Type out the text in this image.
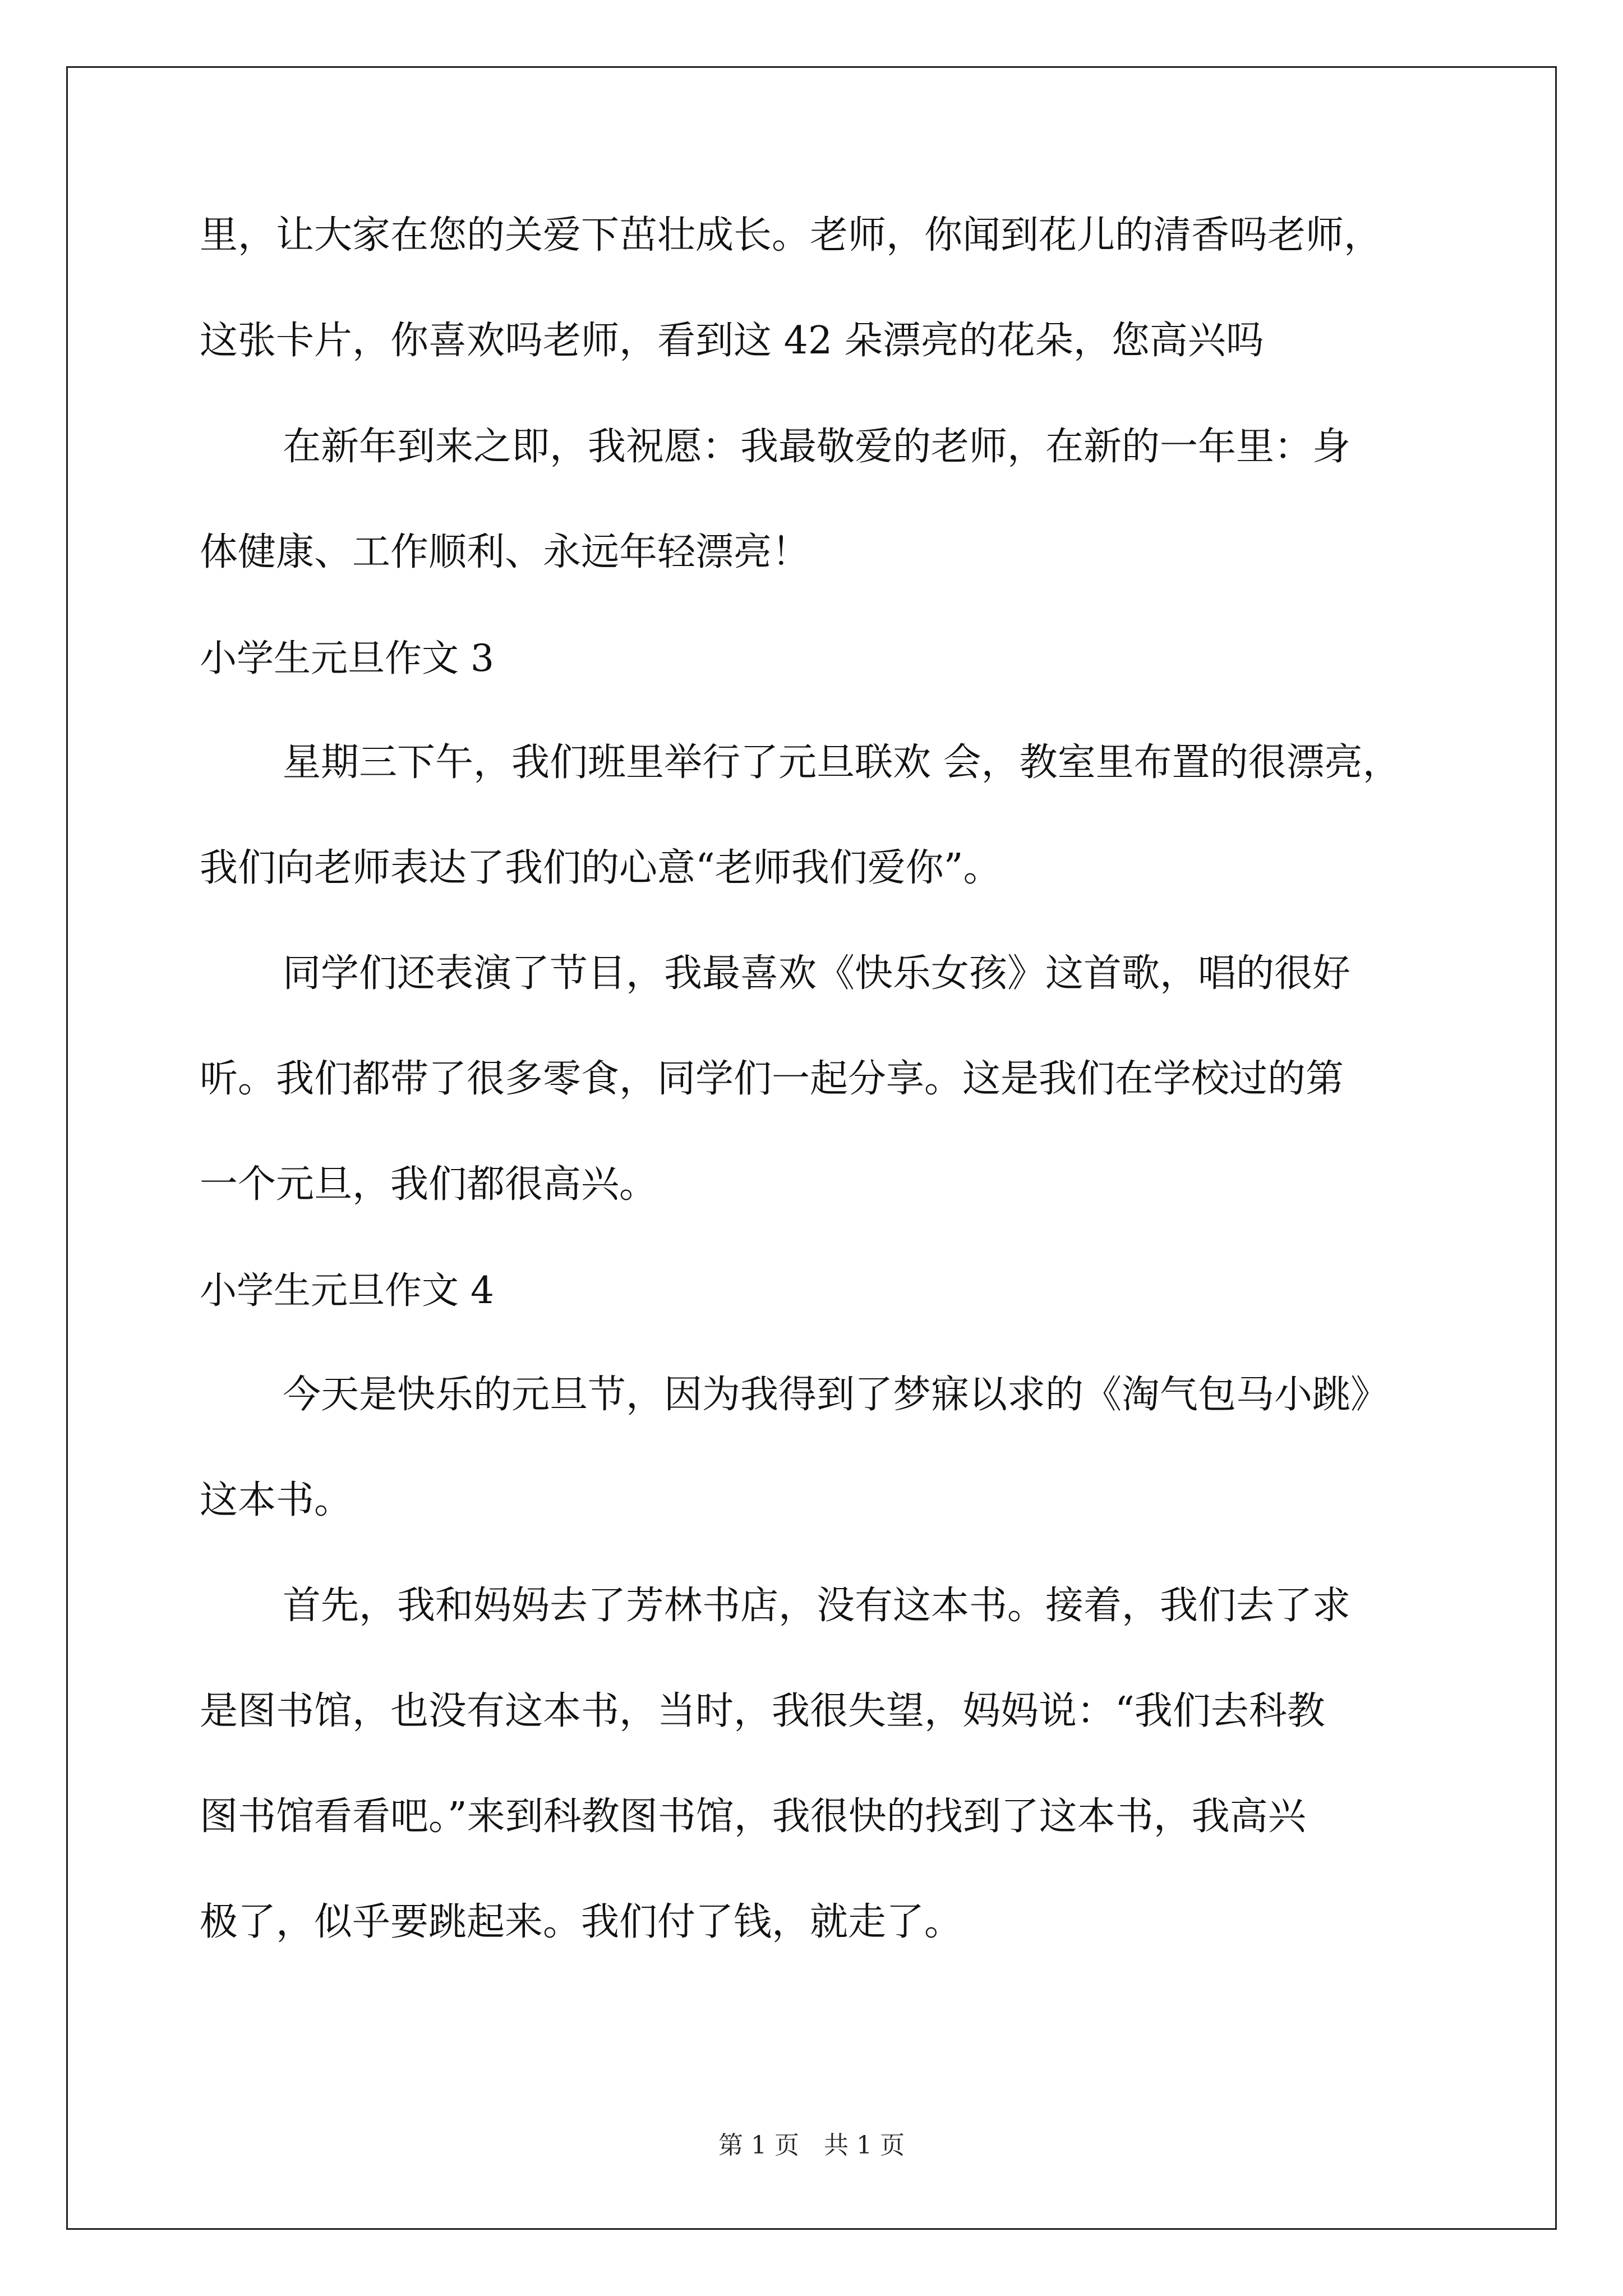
里，让大家在您的关爱下茁壮成长。老师，你闻到花儿的清香吗老师，
这张卡片，你喜欢吗老师，看到这 42 朵漂亮的花朵，您高兴吗
在新年到来之即，我祝愿：我最敬爱的老师，在新的一年里：身
体健康、工作顺利、永远年轻漂亮！
小学生元旦作文 3
星期三下午，我们班里举行了元旦联欢 会，教室里布置的很漂亮，
我们向老师表达了我们的心意“老师我们爱你”。
同学们还表演了节目，我最喜欢《快乐女孩》这首歌，唱的很好
听。我们都带了很多零食，同学们一起分享。这是我们在学校过的第
一个元旦，我们都很高兴。
小学生元旦作文 4
今天是快乐的元旦节，因为我得到了梦寐以求的《淘气包马小跳》
这本书。
首先，我和妈妈去了芳林书店，没有这本书。接着，我们去了求
是图书馆，也没有这本书，当时，我很失望，妈妈说：“我们去科教
图书馆看看吧。”来到科教图书馆，我很快的找到了这本书，我高兴
极了，似乎要跳起来。我们付了钱，就走了。
第 1 页　共 1 页
